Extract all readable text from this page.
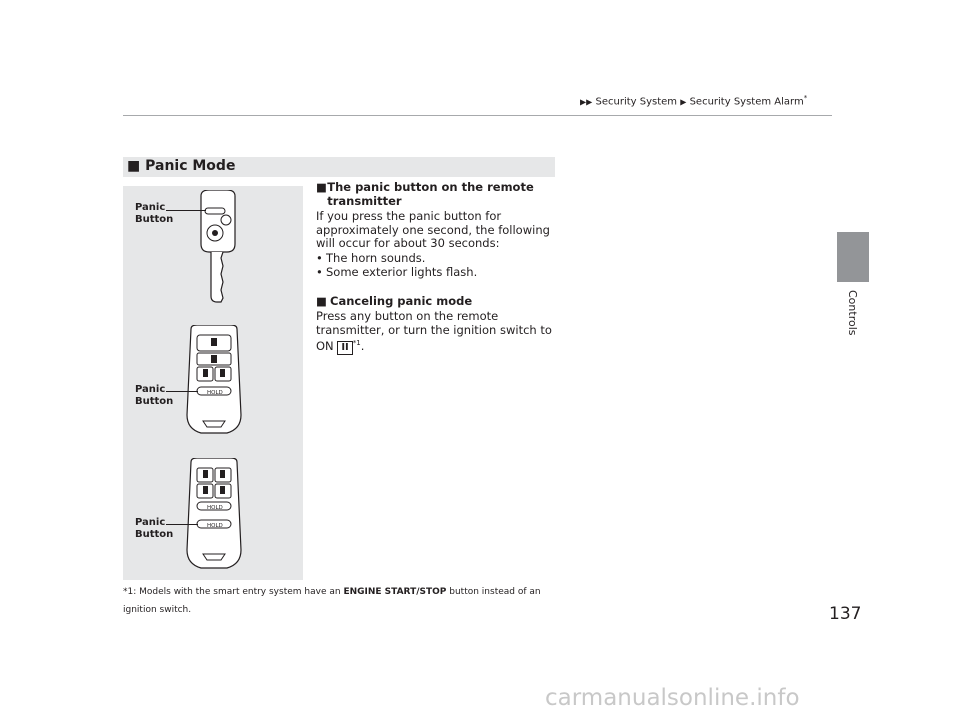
▶▶ Security System ▶ Security System Alarm*
Controls
■ Panic Mode
HOLD
HOLD
HOLD
Panic
Button
Panic
Button
Panic
Button
■ The panic button on the remote transmitter
If you press the panic button for approximately one second, the following will occur for about 30 seconds:
• The horn sounds.
• Some exterior lights flash.
■ Canceling panic mode
Press any button on the remote transmitter, or turn the ignition switch to ON II $^{*1}$.
*1: Models with the smart entry system have an ENGINE START/STOP button instead of an ignition switch.	137
carmanualsonline.info
